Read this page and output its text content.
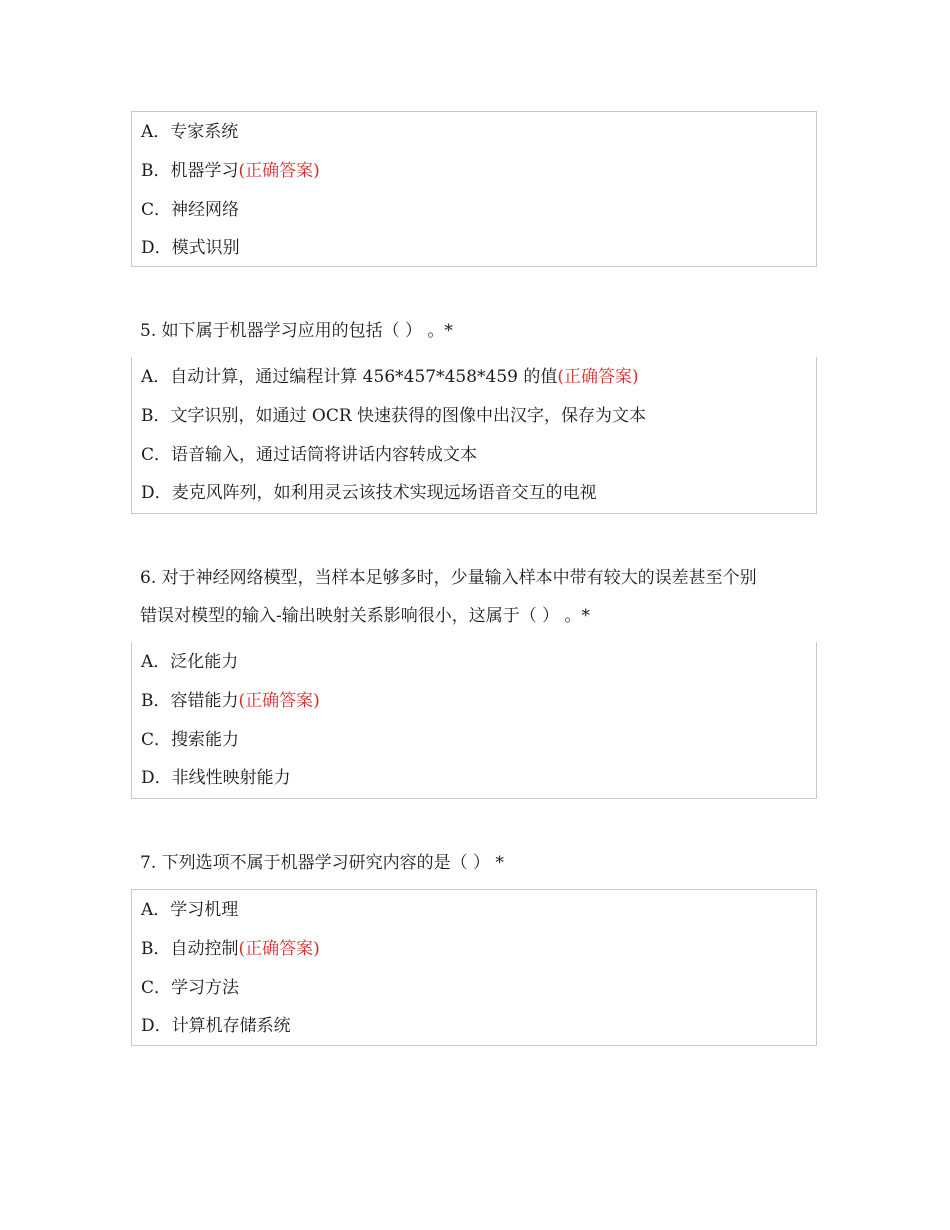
A．专家系统
B．机器学习(正确答案)
C．神经网络
D．模式识别
5. 如下属于机器学习应用的包括（ ） 。*
A．自动计算，通过编程计算 456*457*458*459 的值(正确答案)
B．文字识别，如通过 OCR 快速获得的图像中出汉字，保存为文本
C．语音输入，通过话筒将讲话内容转成文本
D．麦克风阵列，如利用灵云该技术实现远场语音交互的电视
6. 对于神经网络模型，当样本足够多时，少量输入样本中带有较大的误差甚至个别
错误对模型的输入-输出映射关系影响很小，这属于（ ） 。*
A．泛化能力
B．容错能力(正确答案)
C．搜索能力
D．非线性映射能力
7. 下列选项不属于机器学习研究内容的是（ ） *
A．学习机理
B．自动控制(正确答案)
C．学习方法
D．计算机存储系统
